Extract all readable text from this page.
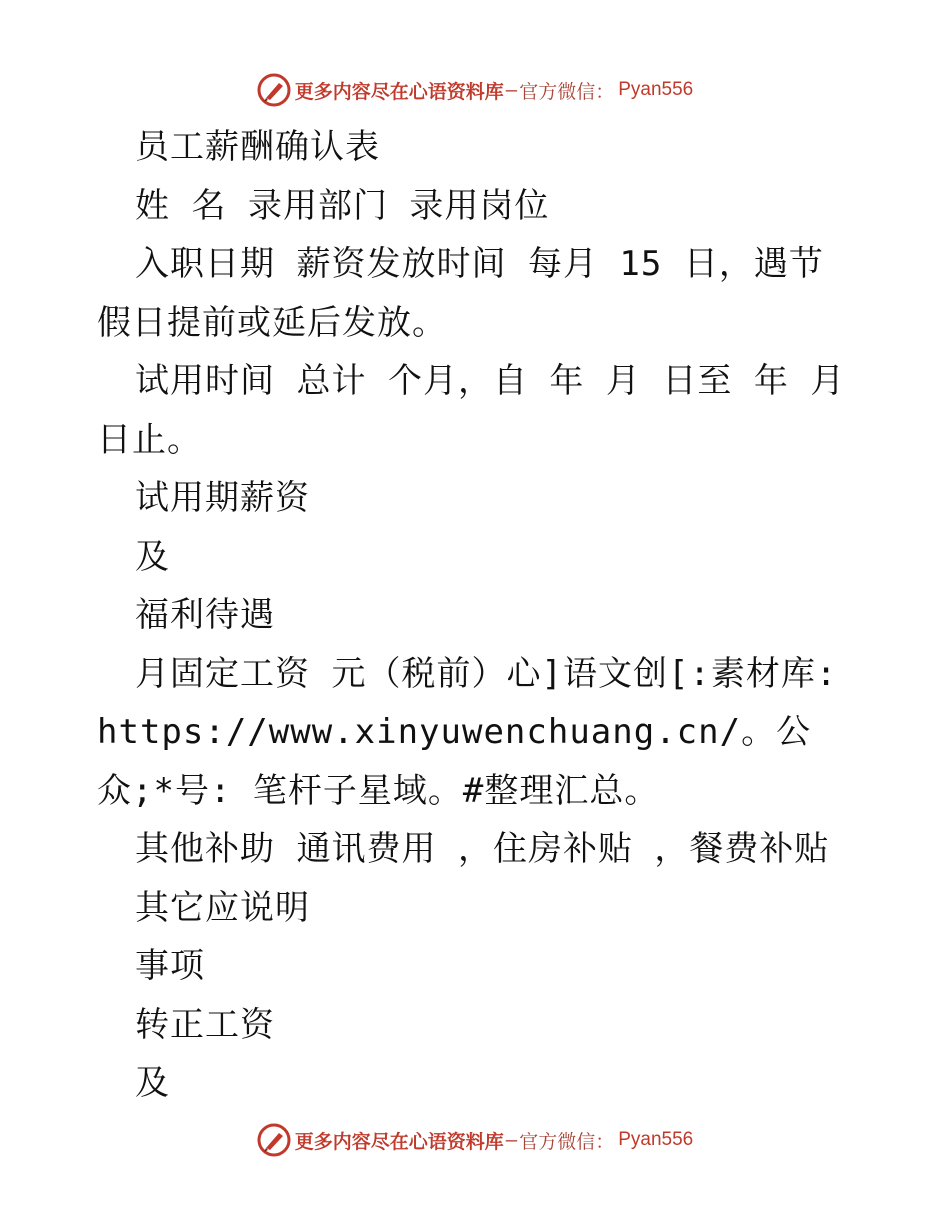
更多内容尽在心语资料库 — 官方微信： Pyan556

员工薪酬确认表

姓 名 录用部门 录用岗位

入职日期 薪资发放时间 每月 15 日，遇节假日提前或延后发放。

试用时间 总计 个月，自 年 月 日至 年 月 日止。

试用期薪资

及

福利待遇

月固定工资 元（税前）心]语文创[:素材库: https://www.xinyuwenchuang.cn/。公众;*号: 笔杆子星域。#整理汇总。

其他补助 通讯费用 ，住房补贴 ，餐费补贴

其它应说明

事项

转正工资

及

更多内容尽在心语资料库 — 官方微信： Pyan556
